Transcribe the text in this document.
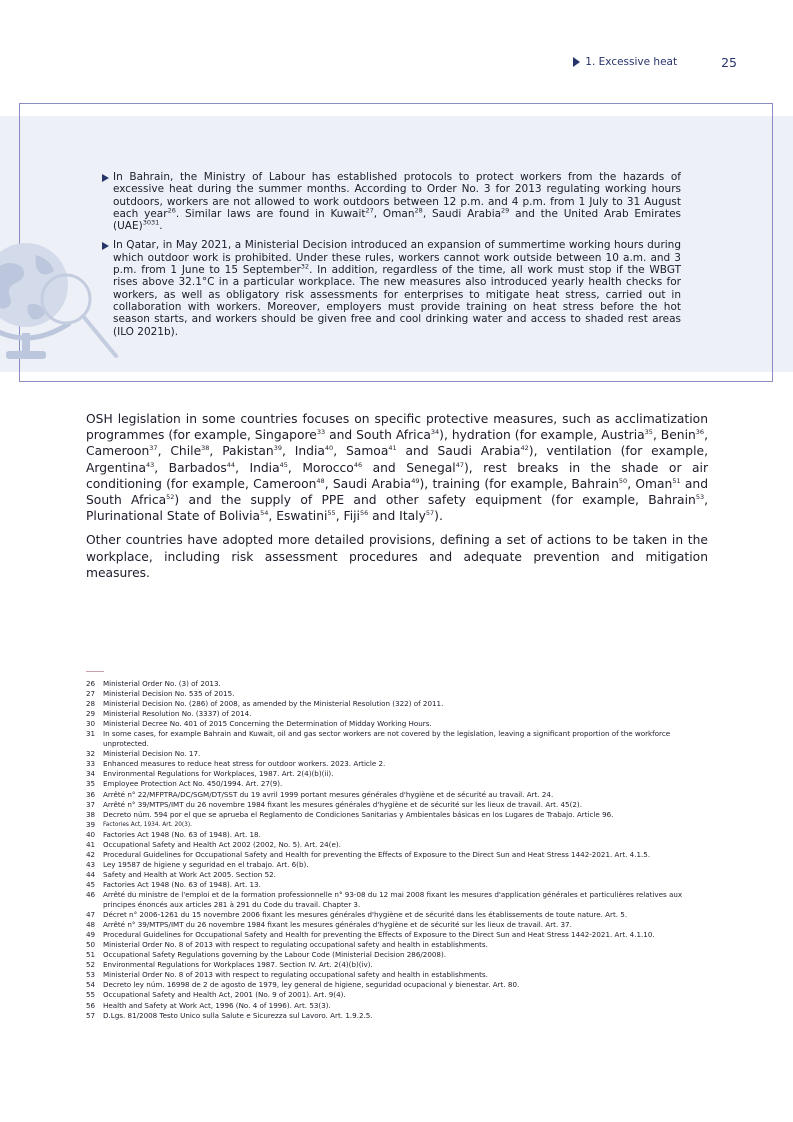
1. Excessive heat	25
In Bahrain, the Ministry of Labour has established protocols to protect workers from the hazards of excessive heat during the summer months. According to Order No. 3 for 2013 regulating working hours outdoors, workers are not allowed to work outdoors between 12 p.m. and 4 p.m. from 1 July to 31 August each year$^{26}$. Similar laws are found in Kuwait$^{27}$, Oman$^{28}$, Saudi Arabia$^{29}$ and the United Arab Emirates (UAE)$^{3031}$.
In Qatar, in May 2021, a Ministerial Decision introduced an expansion of summertime working hours during which outdoor work is prohibited. Under these rules, workers cannot work outside between 10 a.m. and 3 p.m. from 1 June to 15 September$^{32}$. In addition, regardless of the time, all work must stop if the WBGT rises above 32.1°C in a particular workplace. The new measures also introduced yearly health checks for workers, as well as obligatory risk assessments for enterprises to mitigate heat stress, carried out in collaboration with workers. Moreover, employers must provide training on heat stress before the hot season starts, and workers should be given free and cool drinking water and access to shaded rest areas (ILO 2021b).

OSH legislation in some countries focuses on specific protective measures, such as acclimatization programmes (for example, Singapore$^{33}$ and South Africa$^{34}$), hydration (for example, Austria$^{35}$, Benin$^{36}$, Cameroon$^{37}$, Chile$^{38}$, Pakistan$^{39}$, India$^{40}$, Samoa$^{41}$ and Saudi Arabia$^{42}$), ventilation (for example, Argentina$^{43}$, Barbados$^{44}$, India$^{45}$, Morocco$^{46}$ and Senegal$^{47}$), rest breaks in the shade or air conditioning (for example, Cameroon$^{48}$, Saudi Arabia$^{49}$), training (for example, Bahrain$^{50}$, Oman$^{51}$ and South Africa$^{52}$) and the supply of PPE and other safety equipment (for example, Bahrain$^{53}$, Plurinational State of Bolivia$^{54}$, Eswatini$^{55}$, Fiji$^{56}$ and Italy$^{57}$).

Other countries have adopted more detailed provisions, defining a set of actions to be taken in the workplace, including risk assessment procedures and adequate prevention and mitigation measures.

26	Ministerial Order No. (3) of 2013.
27	Ministerial Decision No. 535 of 2015.
28	Ministerial Decision No. (286) of 2008, as amended by the Ministerial Resolution (322) of 2011.
29	Ministerial Resolution No. (3337) of 2014.
30	Ministerial Decree No. 401 of 2015 Concerning the Determination of Midday Working Hours.
31	In some cases, for example Bahrain and Kuwait, oil and gas sector workers are not covered by the legislation, leaving a significant proportion of the workforce unprotected.
32	Ministerial Decision No. 17.
33	Enhanced measures to reduce heat stress for outdoor workers. 2023. Article 2.
34	Environmental Regulations for Workplaces, 1987. Art. 2(4)(b)(ii).
35	Employee Protection Act No. 450/1994. Art. 27(9).
36	Arrêté n° 22/MFPTRA/DC/SGM/DT/SST du 19 avril 1999 portant mesures générales d'hygiène et de sécurité au travail. Art. 24.
37	Arrêté n° 39/MTPS/IMT du 26 novembre 1984 fixant les mesures générales d'hygiène et de sécurité sur les lieux de travail. Art. 45(2).
38	Decreto núm. 594 por el que se aprueba el Reglamento de Condiciones Sanitarias y Ambientales básicas en los Lugares de Trabajo. Article 96.
39	Factories Act, 1934. Art. 20(3).
40	Factories Act 1948 (No. 63 of 1948). Art. 18.
41	Occupational Safety and Health Act 2002 (2002, No. 5). Art. 24(e).
42	Procedural Guidelines for Occupational Safety and Health for preventing the Effects of Exposure to the Direct Sun and Heat Stress 1442-2021. Art. 4.1.5.
43	Ley 19587 de higiene y seguridad en el trabajo. Art. 6(b).
44	Safety and Health at Work Act 2005. Section 52.
45	Factories Act 1948 (No. 63 of 1948). Art. 13.
46	Arrêté du ministre de l'emploi et de la formation professionnelle n° 93-08 du 12 mai 2008 fixant les mesures d'application générales et particulières relatives aux principes énoncés aux articles 281 à 291 du Code du travail. Chapter 3.
47	Décret n° 2006-1261 du 15 novembre 2006 fixant les mesures générales d'hygiène et de sécurité dans les établissements de toute nature. Art. 5.
48	Arrêté n° 39/MTPS/IMT du 26 novembre 1984 fixant les mesures générales d'hygiène et de sécurité sur les lieux de travail. Art. 37.
49	Procedural Guidelines for Occupational Safety and Health for preventing the Effects of Exposure to the Direct Sun and Heat Stress 1442-2021. Art. 4.1.10.
50	Ministerial Order No. 8 of 2013 with respect to regulating occupational safety and health in establishments.
51	Occupational Safety Regulations governing by the Labour Code (Ministerial Decision 286/2008).
52	Environmental Regulations for Workplaces 1987. Section IV. Art. 2(4)(b)(iv).
53	Ministerial Order No. 8 of 2013 with respect to regulating occupational safety and health in establishments.
54	Decreto ley núm. 16998 de 2 de agosto de 1979, ley general de higiene, seguridad ocupacional y bienestar. Art. 80.
55	Occupational Safety and Health Act, 2001 (No. 9 of 2001). Art. 9(4).
56	Health and Safety at Work Act, 1996 (No. 4 of 1996). Art. 53(3).
57	D.Lgs. 81/2008 Testo Unico sulla Salute e Sicurezza sul Lavoro. Art. 1.9.2.5.
